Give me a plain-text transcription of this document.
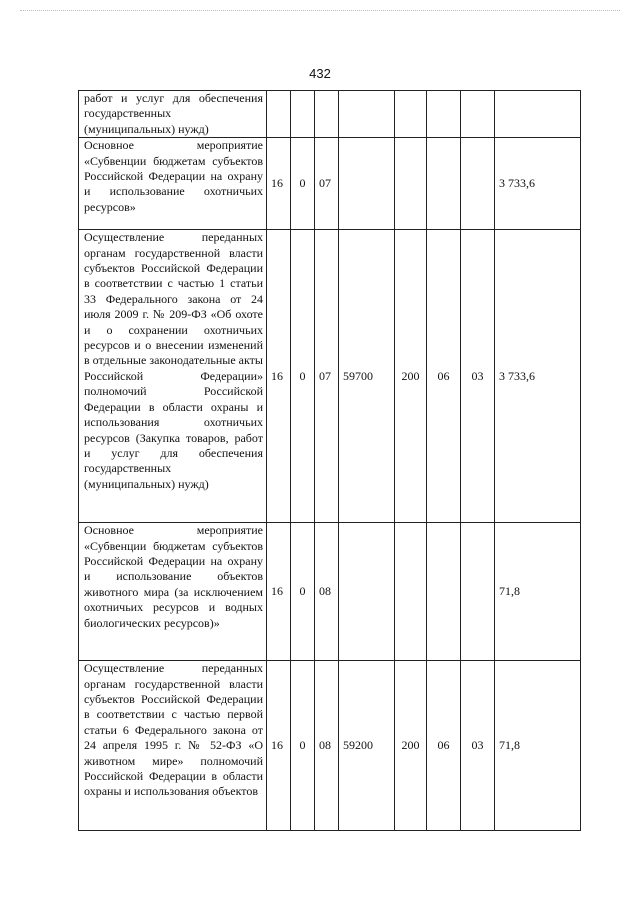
432
работ и услуг для обеспечения государственных (муниципальных) нужд)								
Основное мероприятие «Субвенции бюджетам субъектов Российской Федерации на охрану и использование охотничьих ресурсов»	16	0	07					3 733,6
Осуществление переданных органам государственной власти субъектов Российской Федерации в соответствии с частью 1 статьи 33 Федерального закона от 24 июля 2009 г. № 209-ФЗ «Об охоте и о сохранении охотничьих ресурсов и о внесении изменений в отдельные законодательные акты Российской Федерации» полномочий Российской Федерации в области охраны и использования охотничьих ресурсов (Закупка товаров, работ и услуг для обеспечения государственных (муниципальных) нужд)	16	0	07	59700	200	06	03	3 733,6
Основное мероприятие «Субвенции бюджетам субъектов Российской Федерации на охрану и использование объектов животного мира (за исключением охотничьих ресурсов и водных биологических ресурсов)»	16	0	08					71,8
Осуществление переданных органам государственной власти субъектов Российской Федерации в соответствии с частью первой статьи 6 Федерального закона от 24 апреля 1995 г. № 52-ФЗ «О животном мире» полномочий Российской Федерации в области охраны и использования объектов	16	0	08	59200	200	06	03	71,8
